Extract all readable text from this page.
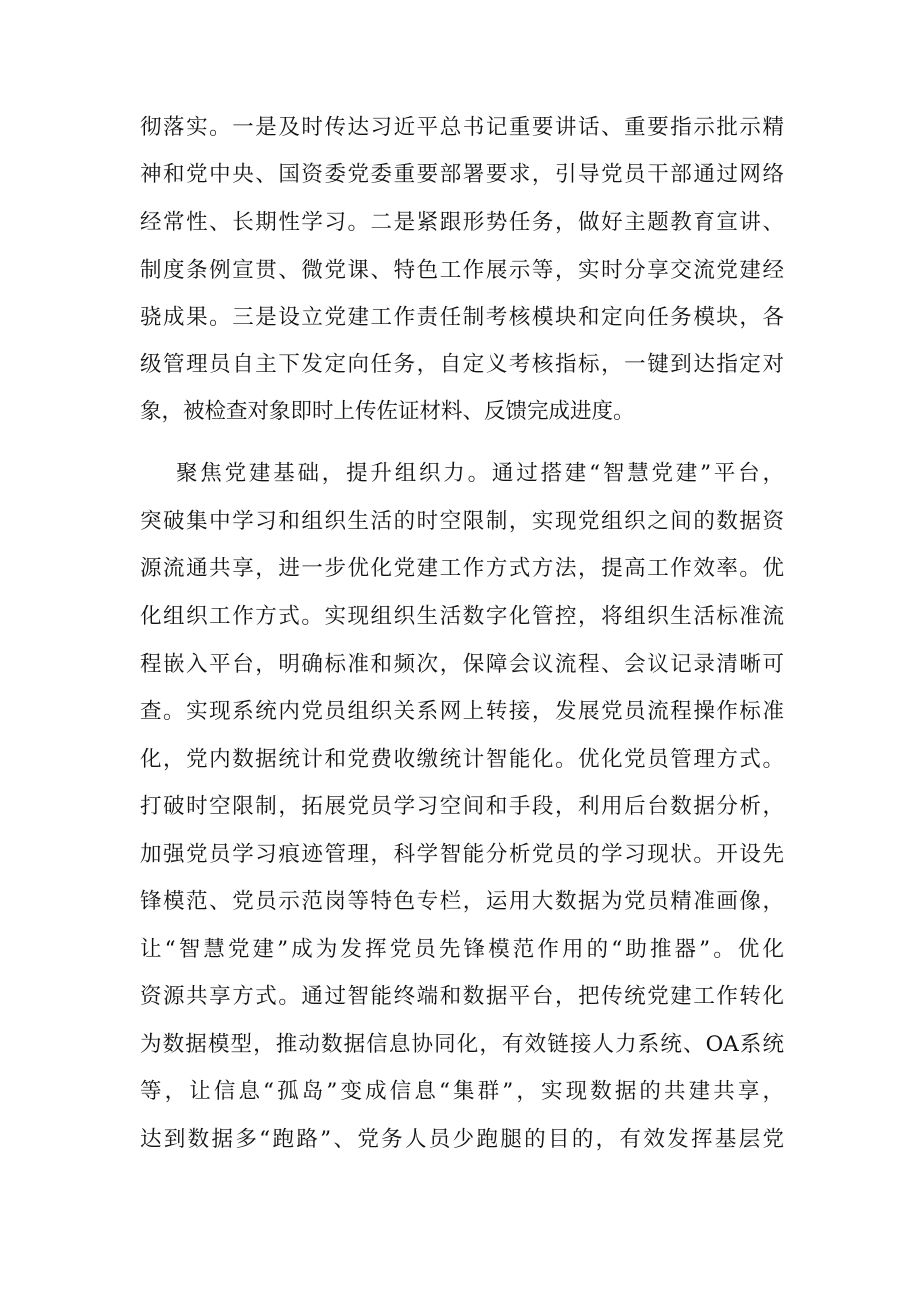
彻落实。一是及时传达习近平总书记重要讲话、重要指示批示精
神和党中央、国资委党委重要部署要求，引导党员干部通过网络
经常性、长期性学习。二是紧跟形势任务，做好主题教育宣讲、
制度条例宣贯、微党课、特色工作展示等，实时分享交流党建经
骁成果。三是设立党建工作责任制考核模块和定向任务模块，各
级管理员自主下发定向任务，自定义考核指标，一键到达指定对
象，被检查对象即时上传佐证材料、反馈完成进度。
聚焦党建基础，提升组织力。通过搭建“智慧党建”平台，
突破集中学习和组织生活的时空限制，实现党组织之间的数据资
源流通共享，进一步优化党建工作方式方法，提高工作效率。优
化组织工作方式。实现组织生活数字化管控，将组织生活标准流
程嵌入平台，明确标准和频次，保障会议流程、会议记录清晰可
查。实现系统内党员组织关系网上转接，发展党员流程操作标准
化，党内数据统计和党费收缴统计智能化。优化党员管理方式。
打破时空限制，拓展党员学习空间和手段，利用后台数据分析，
加强党员学习痕迹管理，科学智能分析党员的学习现状。开设先
锋模范、党员示范岗等特色专栏，运用大数据为党员精准画像，
让“智慧党建”成为发挥党员先锋模范作用的“助推器”。优化
资源共享方式。通过智能终端和数据平台，把传统党建工作转化
为数据模型，推动数据信息协同化，有效链接人力系统、OA系统
等，让信息“孤岛”变成信息“集群”，实现数据的共建共享，
达到数据多“跑路”、党务人员少跑腿的目的，有效发挥基层党
